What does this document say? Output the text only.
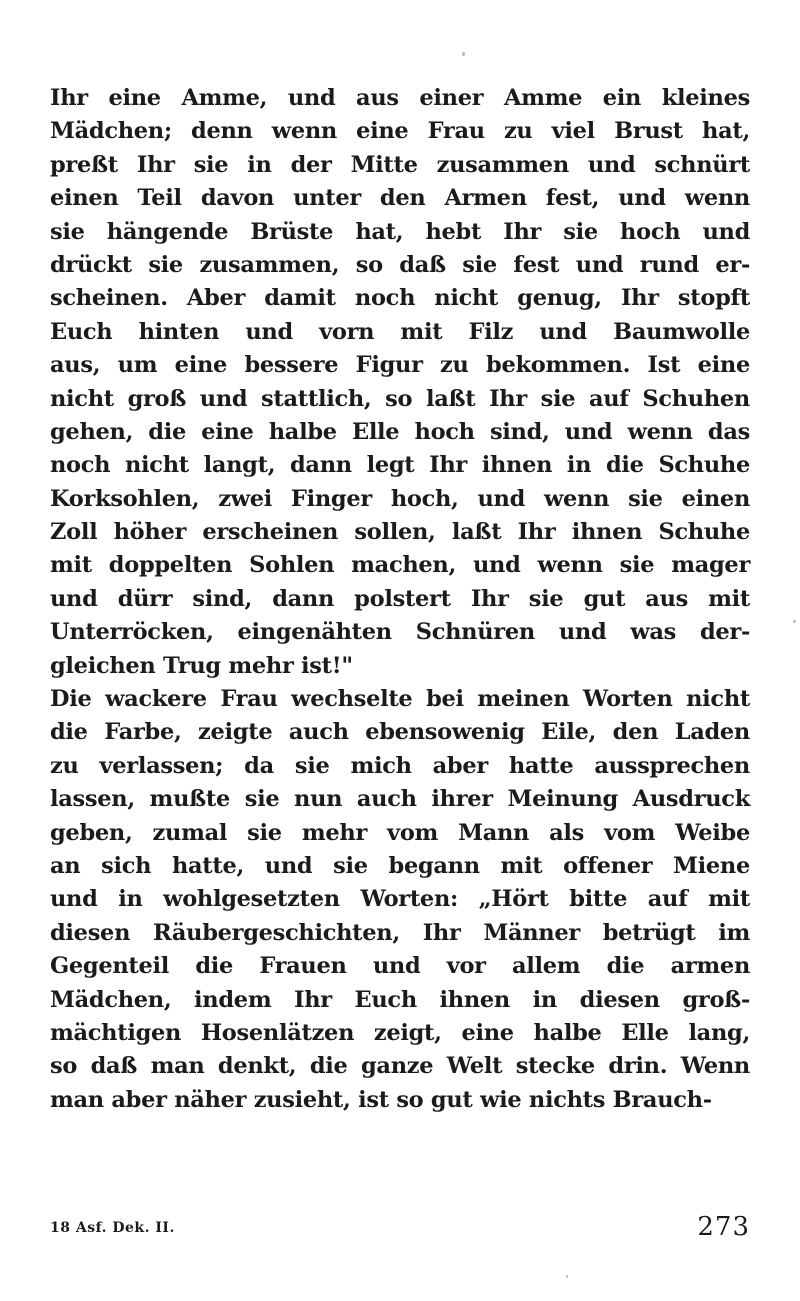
Ihr eine Amme, und aus einer Amme ein kleines
Mädchen; denn wenn eine Frau zu viel Brust hat,
preßt Ihr sie in der Mitte zusammen und schnürt
einen Teil davon unter den Armen fest, und wenn
sie hängende Brüste hat, hebt Ihr sie hoch und
drückt sie zusammen, so daß sie fest und rund er-
scheinen. Aber damit noch nicht genug, Ihr stopft
Euch hinten und vorn mit Filz und Baumwolle
aus, um eine bessere Figur zu bekommen. Ist eine
nicht groß und stattlich, so laßt Ihr sie auf Schuhen
gehen, die eine halbe Elle hoch sind, und wenn das
noch nicht langt, dann legt Ihr ihnen in die Schuhe
Korksohlen, zwei Finger hoch, und wenn sie einen
Zoll höher erscheinen sollen, laßt Ihr ihnen Schuhe
mit doppelten Sohlen machen, und wenn sie mager
und dürr sind, dann polstert Ihr sie gut aus mit
Unterröcken, eingenähten Schnüren und was der-
gleichen Trug mehr ist!"
Die wackere Frau wechselte bei meinen Worten nicht
die Farbe, zeigte auch ebensowenig Eile, den Laden
zu verlassen; da sie mich aber hatte aussprechen
lassen, mußte sie nun auch ihrer Meinung Ausdruck
geben, zumal sie mehr vom Mann als vom Weibe
an sich hatte, und sie begann mit offener Miene
und in wohlgesetzten Worten: „Hört bitte auf mit
diesen Räubergeschichten, Ihr Männer betrügt im
Gegenteil die Frauen und vor allem die armen
Mädchen, indem Ihr Euch ihnen in diesen groß-
mächtigen Hosenlätzen zeigt, eine halbe Elle lang,
so daß man denkt, die ganze Welt stecke drin. Wenn
man aber näher zusieht, ist so gut wie nichts Brauch-
18 Asf. Dek. II.	273
